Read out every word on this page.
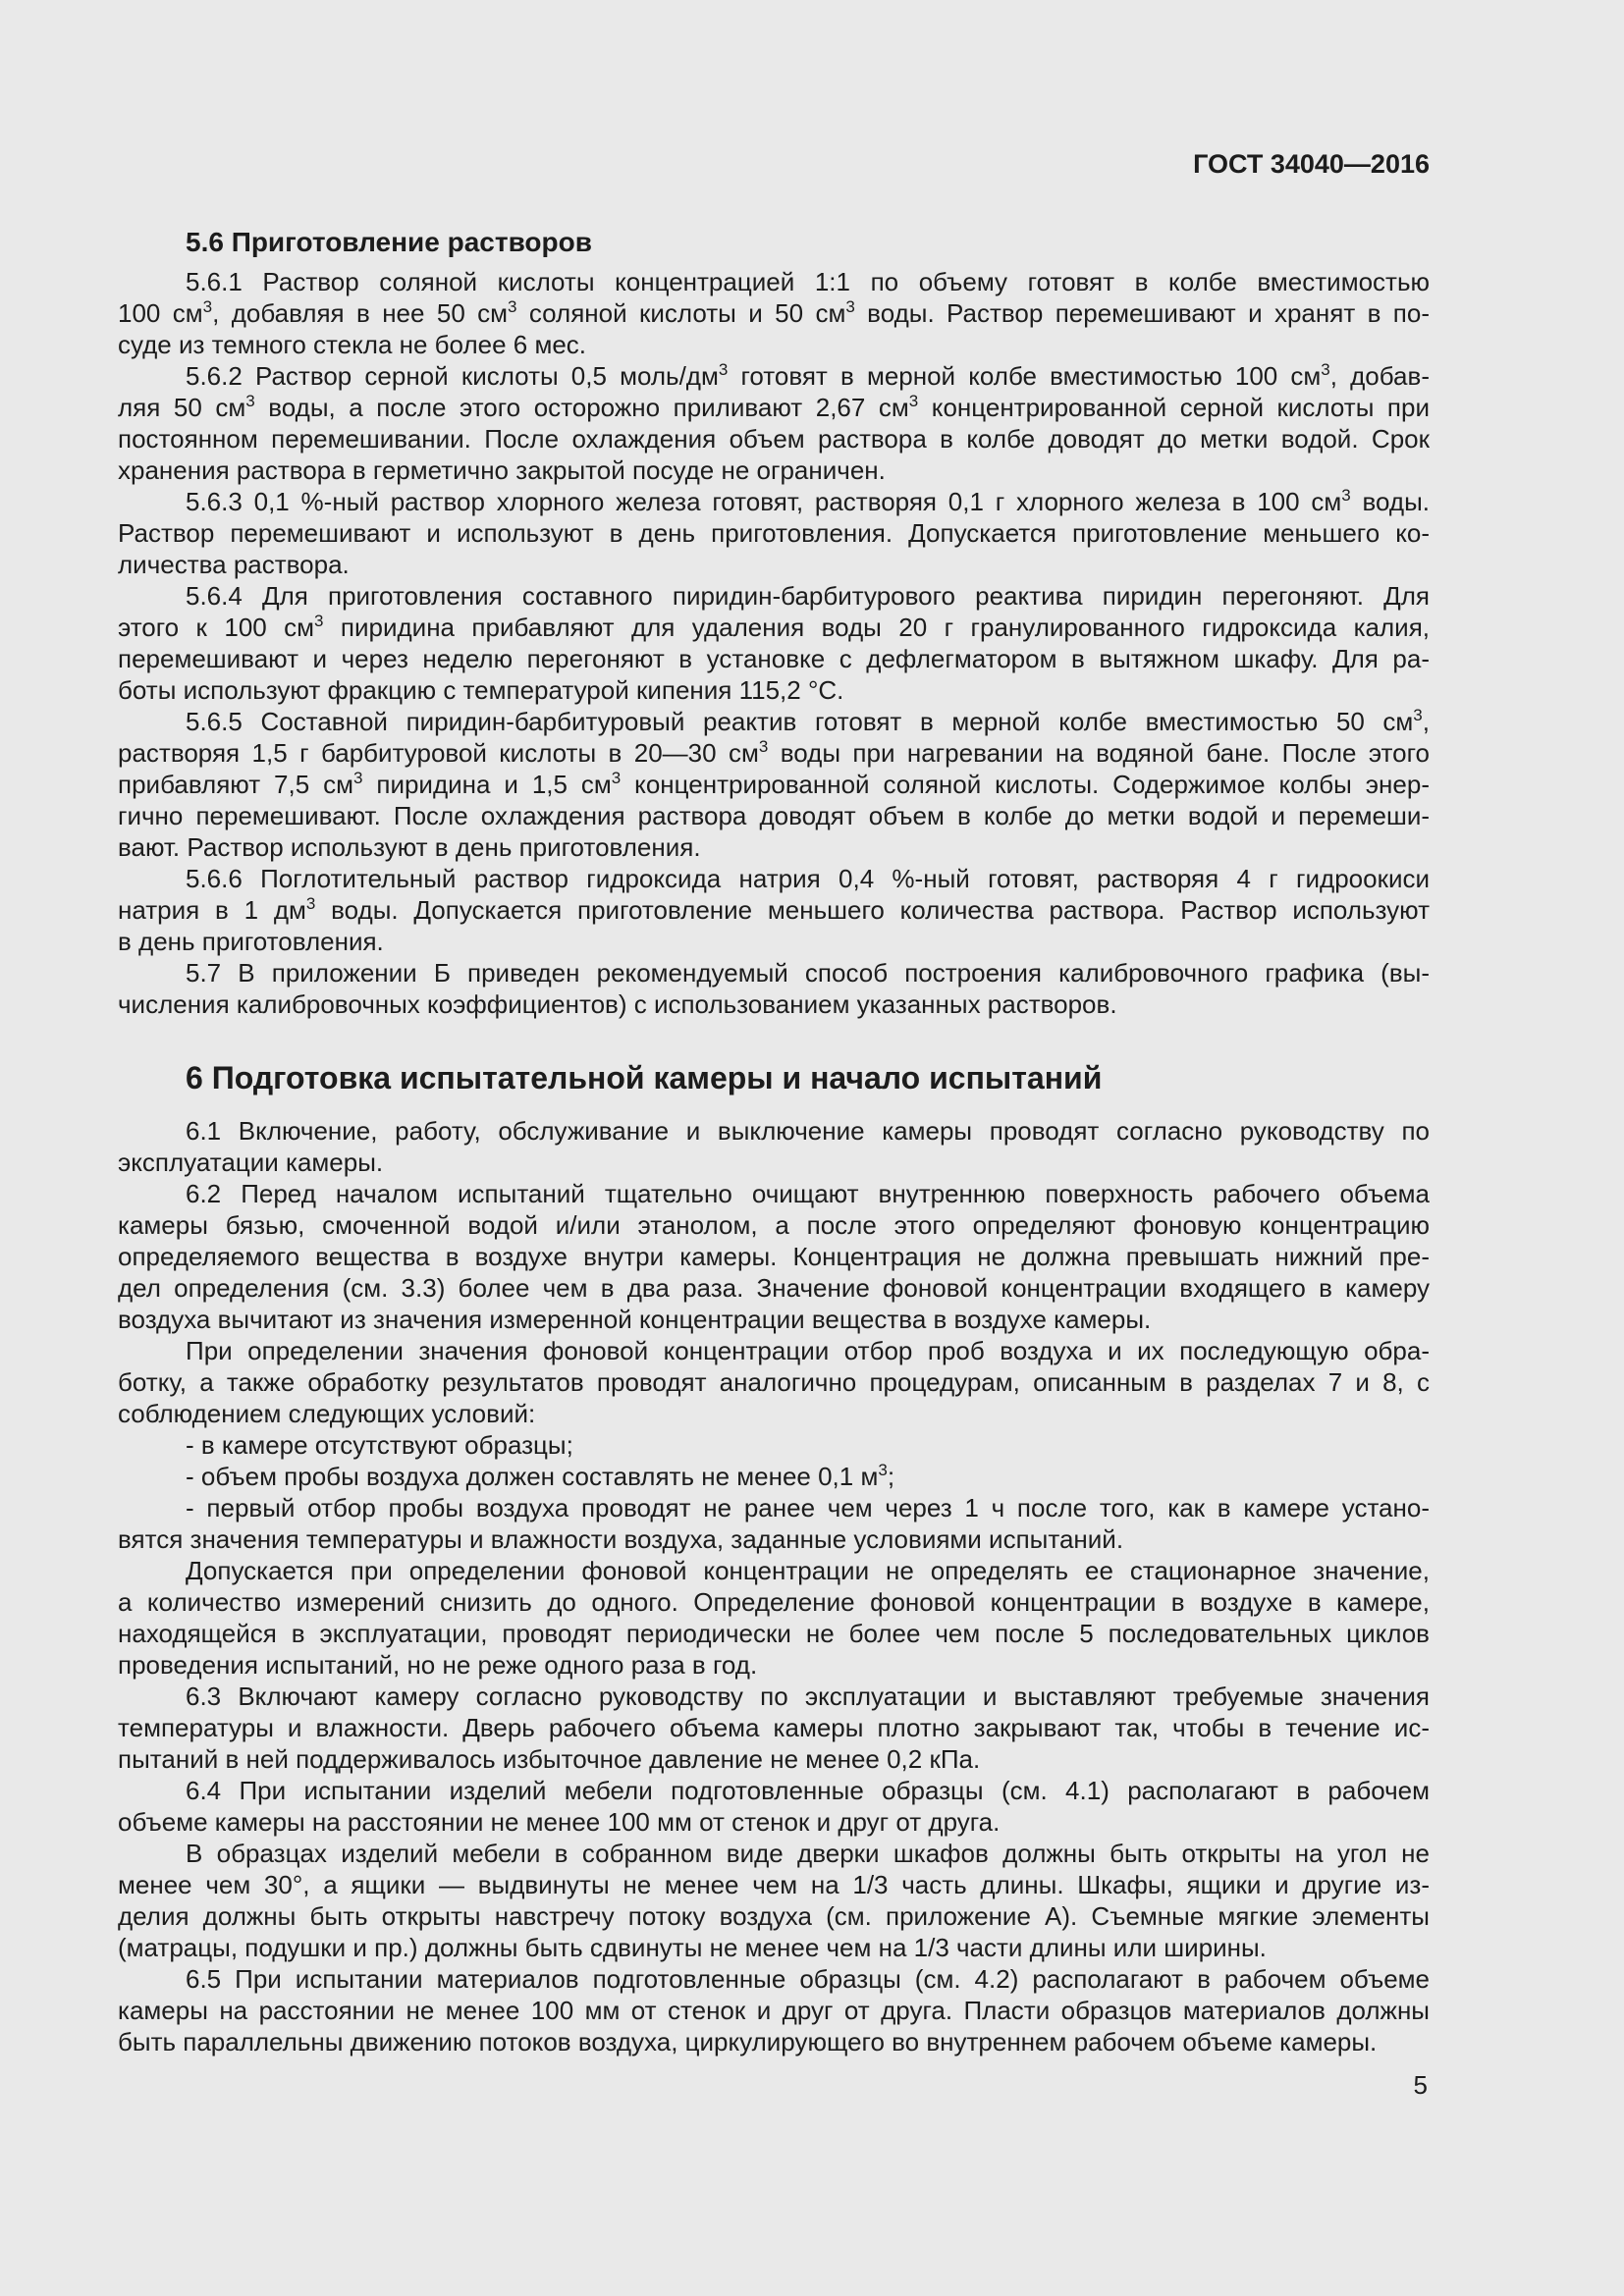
ГОСТ 34040—2016
5.6 Приготовление растворов
6 Подготовка испытательной камеры и начало испытаний
5.6.1 Раствор соляной кислоты концентрацией 1:1 по объему готовят в колбе вместимостью
100 $см^3$, добавляя в нее 50 $см^3$ соляной кислоты и 50 $см^3$ воды. Раствор перемешивают и хранят в по-
суде из темного стекла не более 6 мес.
5.6.2 Раствор серной кислоты 0,5 моль/$дм^3$ готовят в мерной колбе вместимостью 100 $см^3$, добав-
ляя 50 $см^3$ воды, а после этого осторожно приливают 2,67 $см^3$ концентрированной серной кислоты при
постоянном перемешивании. После охлаждения объем раствора в колбе доводят до метки водой. Срок
хранения раствора в герметично закрытой посуде не ограничен.
5.6.3 0,1 %-ный раствор хлорного железа готовят, растворяя 0,1 г хлорного железа в 100 $см^3$ воды.
Раствор перемешивают и используют в день приготовления. Допускается приготовление меньшего ко-
личества раствора.
5.6.4 Для приготовления составного пиридин-барбитурового реактива пиридин перегоняют. Для
этого к 100 $см^3$ пиридина прибавляют для удаления воды 20 г гранулированного гидроксида калия,
перемешивают и через неделю перегоняют в установке с дефлегматором в вытяжном шкафу. Для ра-
боты используют фракцию с температурой кипения 115,2 °С.
5.6.5 Составной пиридин-барбитуровый реактив готовят в мерной колбе вместимостью 50 $см^3$,
растворяя 1,5 г барбитуровой кислоты в 20—30 $см^3$ воды при нагревании на водяной бане. После этого
прибавляют 7,5 $см^3$ пиридина и 1,5 $см^3$ концентрированной соляной кислоты. Содержимое колбы энер-
гично перемешивают. После охлаждения раствора доводят объем в колбе до метки водой и перемеши-
вают. Раствор используют в день приготовления.
5.6.6 Поглотительный раствор гидроксида натрия 0,4 %-ный готовят, растворяя 4 г гидроокиси
натрия в 1 $дм^3$ воды. Допускается приготовление меньшего количества раствора. Раствор используют
в день приготовления.
5.7 В приложении Б приведен рекомендуемый способ построения калибровочного графика (вы-
числения калибровочных коэффициентов) с использованием указанных растворов.
6.1 Включение, работу, обслуживание и выключение камеры проводят согласно руководству по
эксплуатации камеры.
6.2 Перед началом испытаний тщательно очищают внутреннюю поверхность рабочего объема
камеры бязью, смоченной водой и/или этанолом, а после этого определяют фоновую концентрацию
определяемого вещества в воздухе внутри камеры. Концентрация не должна превышать нижний пре-
дел определения (см. 3.3) более чем в два раза. Значение фоновой концентрации входящего в камеру
воздуха вычитают из значения измеренной концентрации вещества в воздухе камеры.
При определении значения фоновой концентрации отбор проб воздуха и их последующую обра-
ботку, а также обработку результатов проводят аналогично процедурам, описанным в разделах 7 и 8, с
соблюдением следующих условий:
- в камере отсутствуют образцы;
- объем пробы воздуха должен составлять не менее 0,1 $м^3$;
- первый отбор пробы воздуха проводят не ранее чем через 1 ч после того, как в камере устано-
вятся значения температуры и влажности воздуха, заданные условиями испытаний.
Допускается при определении фоновой концентрации не определять ее стационарное значение,
а количество измерений снизить до одного. Определение фоновой концентрации в воздухе в камере,
находящейся в эксплуатации, проводят периодически не более чем после 5 последовательных циклов
проведения испытаний, но не реже одного раза в год.
6.3 Включают камеру согласно руководству по эксплуатации и выставляют требуемые значения
температуры и влажности. Дверь рабочего объема камеры плотно закрывают так, чтобы в течение ис-
пытаний в ней поддерживалось избыточное давление не менее 0,2 кПа.
6.4 При испытании изделий мебели подготовленные образцы (см. 4.1) располагают в рабочем
объеме камеры на расстоянии не менее 100 мм от стенок и друг от друга.
В образцах изделий мебели в собранном виде дверки шкафов должны быть открыты на угол не
менее чем 30°, а ящики — выдвинуты не менее чем на 1/3 часть длины. Шкафы, ящики и другие из-
делия должны быть открыты навстречу потоку воздуха (см. приложение А). Съемные мягкие элементы
(матрацы, подушки и пр.) должны быть сдвинуты не менее чем на 1/3 части длины или ширины.
6.5 При испытании материалов подготовленные образцы (см. 4.2) располагают в рабочем объеме
камеры на расстоянии не менее 100 мм от стенок и друг от друга. Пласти образцов материалов должны
быть параллельны движению потоков воздуха, циркулирующего во внутреннем рабочем объеме камеры.
5
